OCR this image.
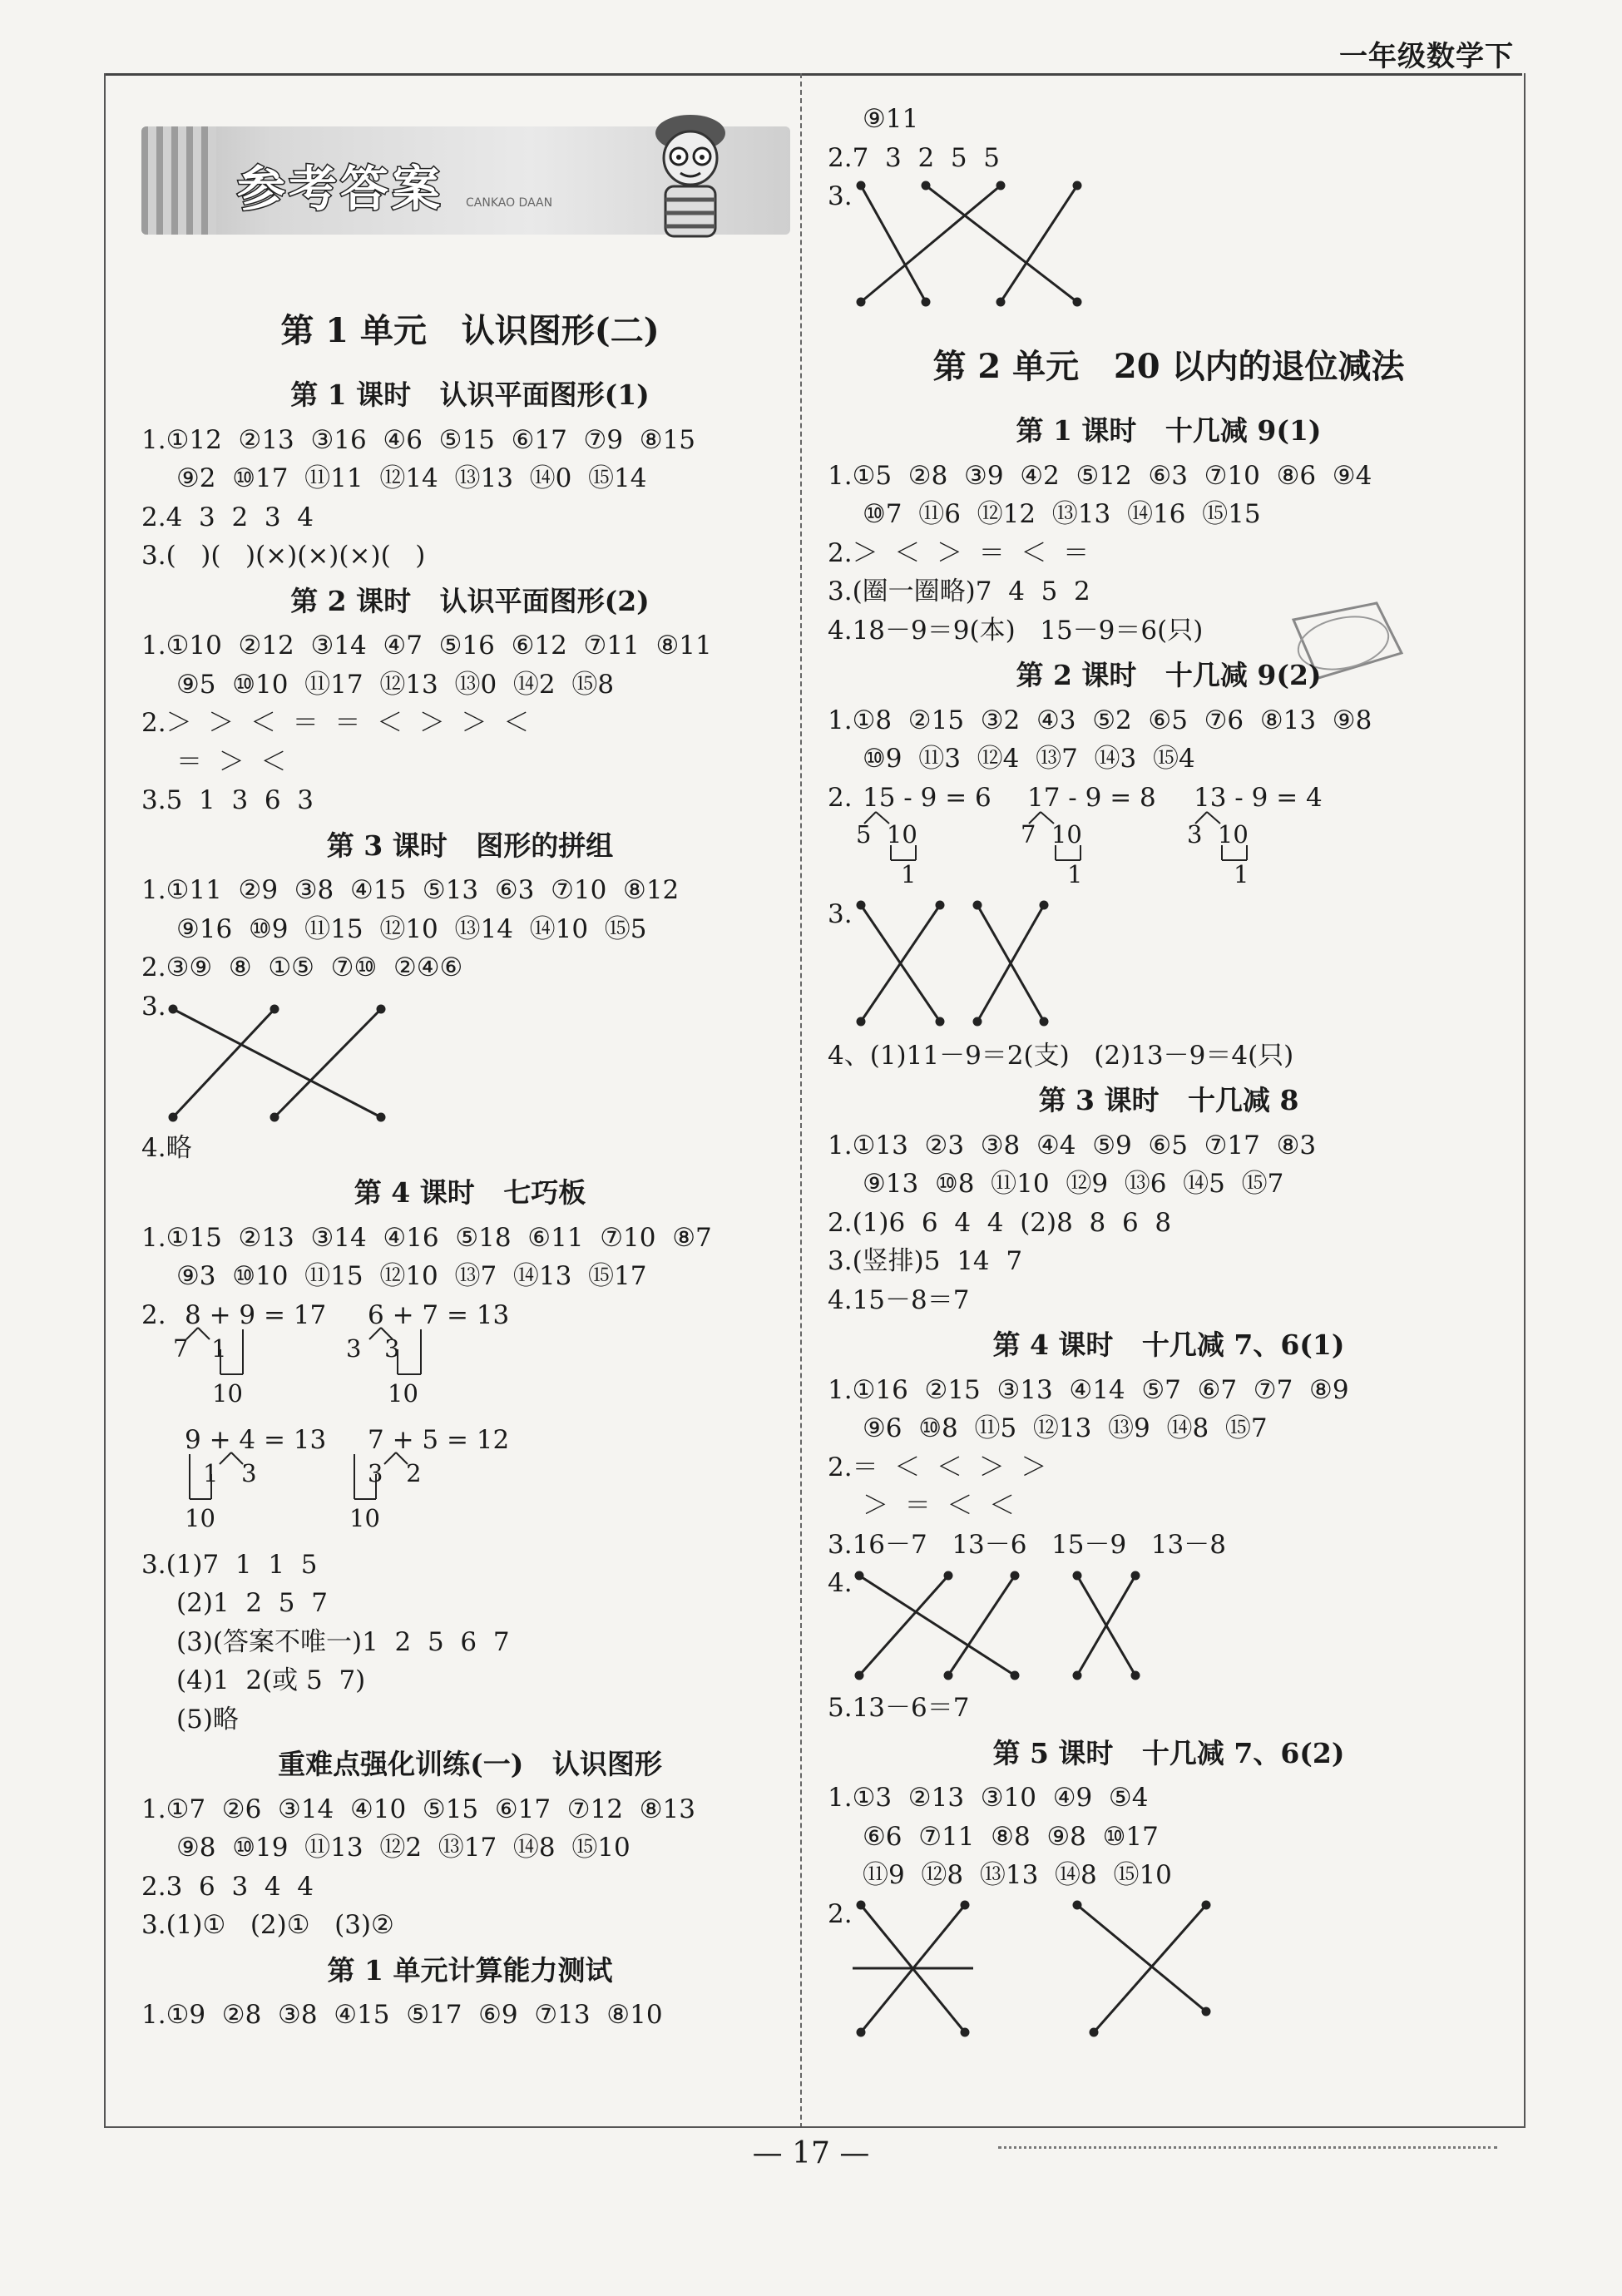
一年级数学下
参考答案 CANKAO DAAN
第 1 单元   认识图形(二)
第 1 课时   认识平面图形(1)
1.①12  ②13  ③16  ④6  ⑤15  ⑥17  ⑦9  ⑧15
⑨2  ⑩17  ⑪11  ⑫14  ⑬13  ⑭0  ⑮14
2.4  3  2  3  4
3.(   )(   )(×)(×)(×)(   )
第 2 课时   认识平面图形(2)
1.①10  ②12  ③14  ④7  ⑤16  ⑥12  ⑦11  ⑧11
⑨5  ⑩10  ⑪17  ⑫13  ⑬0  ⑭2  ⑮8
2.＞  ＞  ＜  ＝  ＝  ＜  ＞  ＞  ＜
＝  ＞  ＜
3.5  1  3  6  3
第 3 课时   图形的拼组
1.①11  ②9  ③8  ④15  ⑤13  ⑥3  ⑦10  ⑧12
⑨16  ⑩9  ⑪15  ⑫10  ⑬14  ⑭10  ⑮5
2.③⑨  ⑧  ①⑤  ⑦⑩  ②④⑥

3.

4.略
第 4 课时   七巧板
1.①15  ②13  ③14  ④16  ⑤18  ⑥11  ⑦10  ⑧7
⑨3  ⑩10  ⑪15  ⑫10  ⑬7  ⑭13  ⑮17

2.

8 + 9 = 17

7   1

10

6 + 7 = 13

3   3

10

9 + 4 = 13

1   3

10

7 + 5 = 12

3   2

10

3.(1)7  1  1  5
(2)1  2  5  7
(3)(答案不唯一)1  2  5  6  7
(4)1  2(或 5  7)
(5)略
重难点强化训练(一)   认识图形
1.①7  ②6  ③14  ④10  ⑤15  ⑥17  ⑦12  ⑧13
⑨8  ⑩19  ⑪13  ⑫2  ⑬17  ⑭8  ⑮10
2.3  6  3  4  4
3.(1)①   (2)①   (3)②
第 1 单元计算能力测试
1.①9  ②8  ③8  ④15  ⑤17  ⑥9  ⑦13  ⑧10
⑨11
2.7  3  2  5  5

3.

第 2 单元   20 以内的退位减法
第 1 课时   十几减 9(1)
1.①5  ②8  ③9  ④2  ⑤12  ⑥3  ⑦10  ⑧6  ⑨4
⑩7  ⑪6  ⑫12  ⑬13  ⑭16  ⑮15
2.＞  ＜  ＞  ＝  ＜  ＝
3.(圈一圈略)7  4  5  2
4.18－9＝9(本)   15－9＝6(只)
第 2 课时   十几减 9(2)
1.①8  ②15  ③2  ④3  ⑤2  ⑥5  ⑦6  ⑧13  ⑨8
⑩9  ⑪3  ⑫4  ⑬7  ⑭3  ⑮4

2.

15 - 9 = 6

5  10

1

17 - 9 = 8

7  10

1

13 - 9 = 4

3  10

1

3.

4、(1)11－9＝2(支)   (2)13－9＝4(只)
第 3 课时   十几减 8
1.①13  ②3  ③8  ④4  ⑤9  ⑥5  ⑦17  ⑧3
⑨13  ⑩8  ⑪10  ⑫9  ⑬6  ⑭5  ⑮7
2.(1)6  6  4  4  (2)8  8  6  8
3.(竖排)5  14  7
4.15－8＝7
第 4 课时   十几减 7、6(1)
1.①16  ②15  ③13  ④14  ⑤7  ⑥7  ⑦7  ⑧9
⑨6  ⑩8  ⑪5  ⑫13  ⑬9  ⑭8  ⑮7
2.＝  ＜  ＜  ＞  ＞
＞  ＝  ＜  ＜
3.16－7   13－6   15－9   13－8

4.

5.13－6＝7
第 5 课时   十几减 7、6(2)
1.①3  ②13  ③10  ④9  ⑤4
⑥6  ⑦11  ⑧8  ⑨8  ⑩17
⑪9  ⑫8  ⑬13  ⑭8  ⑮10

2.

— 17 —
